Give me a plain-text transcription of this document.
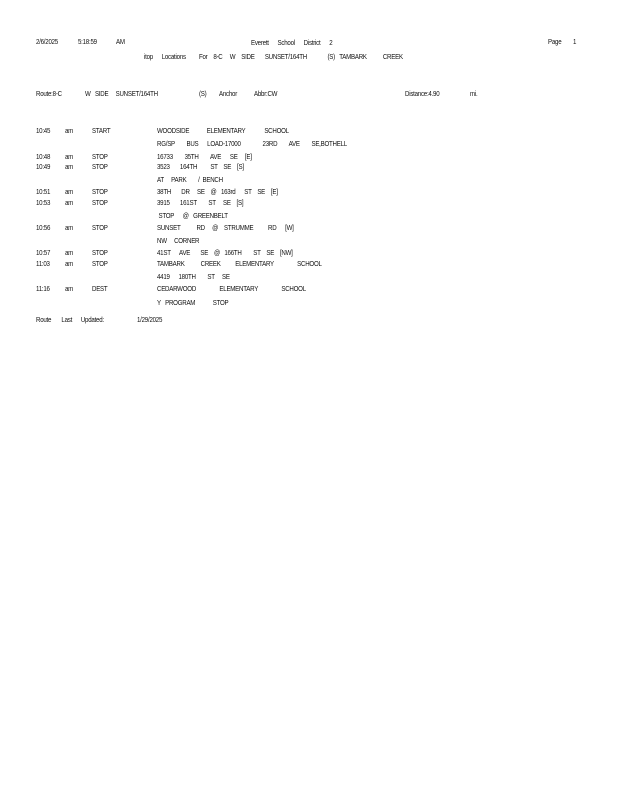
2/6/2025	5:18:59	AM	Everett      School      District      2	Page 1
itop      Locations         For    8-C     W    SIDE       SUNSET/164TH              (S)   TAMBARK           CREEK
Route:8-C	W   SIDE     SUNSET/164TH	(S) Anchor Abbr:CW	Distance:4.90	mi.
10:45 am	START	WOODSIDE            ELEMENTARY             SCHOOL
RG/SP        BUS      LOAD-17000               23RD        AVE        SE,BOTHELL
10:48 am	STOP	16733        35TH        AVE      SE     [E]
10:49 am	STOP	3523       164TH         ST    SE    [S]
AT     PARK        /  BENCH
10:51 am	STOP	38TH       DR     SE    @   163rd      ST    SE    [E]
10:53 am	STOP	3915       161ST        ST     SE    [S]
STOP      @   GREENBELT
10:56 am	STOP	SUNSET           RD     @    STRUMME          RD      [W]
NW     CORNER
10:57 am	STOP	41ST      AVE       SE    @   166TH        ST    SE    [NW]
11:03 am	STOP	TAMBARK           CREEK          ELEMENTARY                SCHOOL
4419      180TH        ST     SE
11:16 am	DEST	CEDARWOOD                ELEMENTARY                SCHOOL
Y   PROGRAM            STOP
Route       Last      Updated:	1/29/2025
